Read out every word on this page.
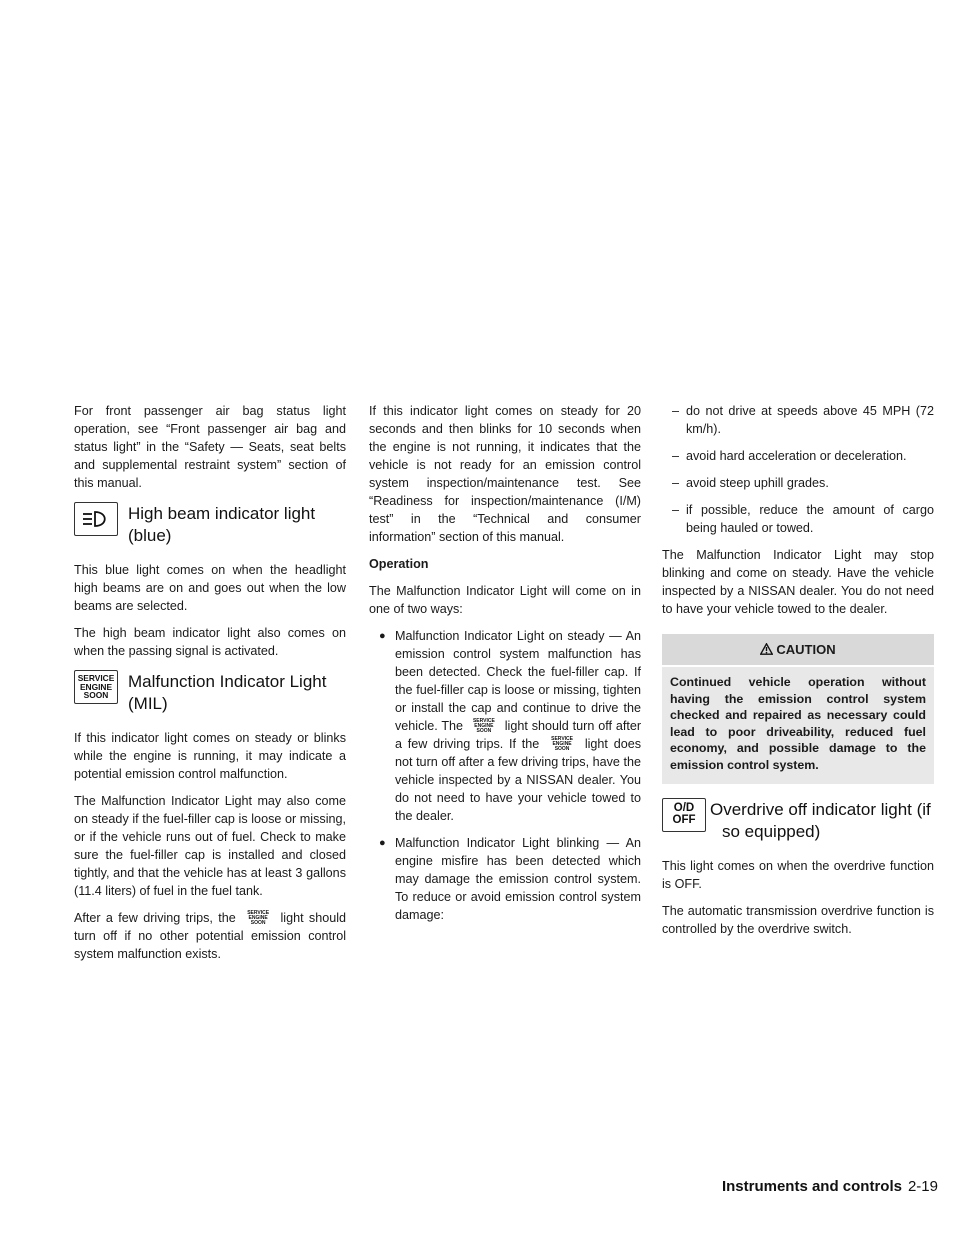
For front passenger air bag status light operation, see “Front passenger air bag and status light” in the “Safety — Seats, seat belts and supplemental restraint system” section of this manual.

High beam indicator light
(blue)

This blue light comes on when the headlight high beams are on and goes out when the low beams are selected.

The high beam indicator light also comes on when the passing signal is activated.

SERVICE
ENGINE
SOON
Malfunction Indicator Light
(MIL)

If this indicator light comes on steady or blinks while the engine is running, it may indicate a potential emission control malfunction.

The Malfunction Indicator Light may also come on steady if the fuel-filler cap is loose or missing, or if the vehicle runs out of fuel. Check to make sure the fuel-filler cap is installed and closed tightly, and that the vehicle has at least 3 gallons (11.4 liters) of fuel in the fuel tank.

After a few driving trips, the SERVICE
ENGINE
SOON light should turn off if no other potential emission control system malfunction exists.

If this indicator light comes on steady for 20 seconds and then blinks for 10 seconds when the engine is not running, it indicates that the vehicle is not ready for an emission control system inspection/maintenance test. See “Readiness for inspection/maintenance (I/M) test” in the “Technical and consumer information” section of this manual.

Operation

The Malfunction Indicator Light will come on in one of two ways:

● Malfunction Indicator Light on steady — An emission control system malfunction has been detected. Check the fuel-filler cap. If the fuel-filler cap is loose or missing, tighten or install the cap and continue to drive the vehicle. The SERVICE
ENGINE
SOON light should turn off after a few driving trips. If the SERVICE
ENGINE
SOON light does not turn off after a few driving trips, have the vehicle inspected by a NISSAN dealer. You do not need to have your vehicle towed to the dealer.
● Malfunction Indicator Light blinking — An engine misfire has been detected which may damage the emission control system. To reduce or avoid emission control system damage:
– do not drive at speeds above 45 MPH (72 km/h).
– avoid hard acceleration or deceleration.
– avoid steep uphill grades.
– if possible, reduce the amount of cargo being hauled or towed.

The Malfunction Indicator Light may stop blinking and come on steady. Have the vehicle inspected by a NISSAN dealer. You do not need to have your vehicle towed to the dealer.

CAUTION
Continued vehicle operation without having the emission control system checked and repaired as necessary could lead to poor driveability, reduced fuel economy, and possible damage to the emission control system.
O/D
OFF
Overdrive off indicator light (if
so equipped)

This light comes on when the overdrive function is OFF.

The automatic transmission overdrive function is controlled by the overdrive switch.

Instruments and controls 2-19
